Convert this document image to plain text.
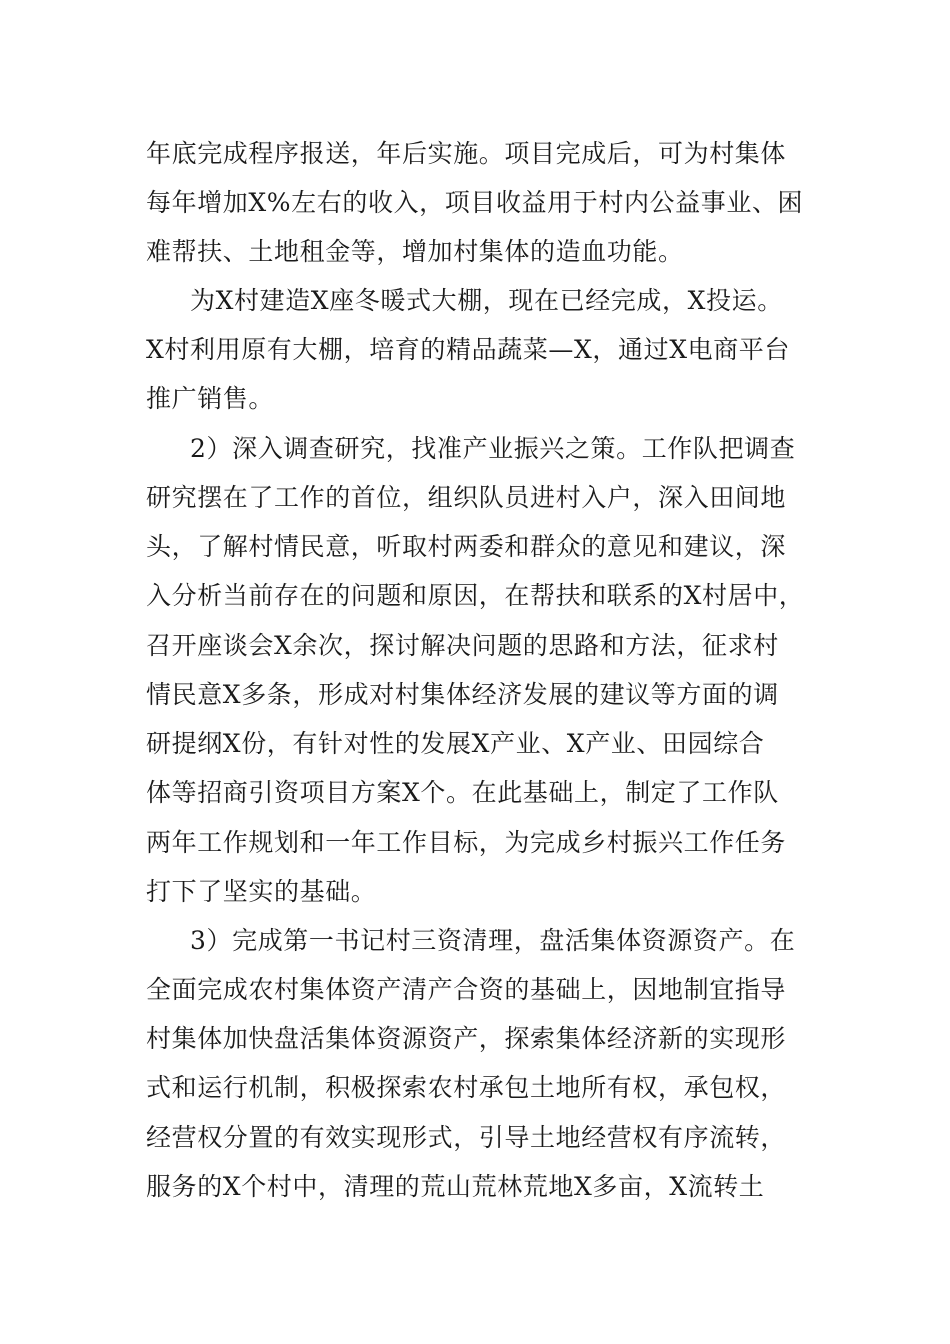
年底完成程序报送，年后实施。项目完成后，可为村集体
每年增加X%左右的收入，项目收益用于村内公益事业、困
难帮扶、土地租金等，增加村集体的造血功能。
为X村建造X座冬暖式大棚，现在已经完成，X投运。
X村利用原有大棚，培育的精品蔬菜—X，通过X电商平台
推广销售。
2）深入调查研究，找准产业振兴之策。工作队把调查
研究摆在了工作的首位，组织队员进村入户，深入田间地
头，了解村情民意，听取村两委和群众的意见和建议，深
入分析当前存在的问题和原因，在帮扶和联系的X村居中，
召开座谈会X余次，探讨解决问题的思路和方法，征求村
情民意X多条，形成对村集体经济发展的建议等方面的调
研提纲X份，有针对性的发展X产业、X产业、田园综合
体等招商引资项目方案X个。在此基础上，制定了工作队
两年工作规划和一年工作目标，为完成乡村振兴工作任务
打下了坚实的基础。
3）完成第一书记村三资清理，盘活集体资源资产。在
全面完成农村集体资产清产合资的基础上，因地制宜指导
村集体加快盘活集体资源资产，探索集体经济新的实现形
式和运行机制，积极探索农村承包土地所有权，承包权，
经营权分置的有效实现形式，引导土地经营权有序流转，
服务的X个村中，清理的荒山荒林荒地X多亩，X流转土
